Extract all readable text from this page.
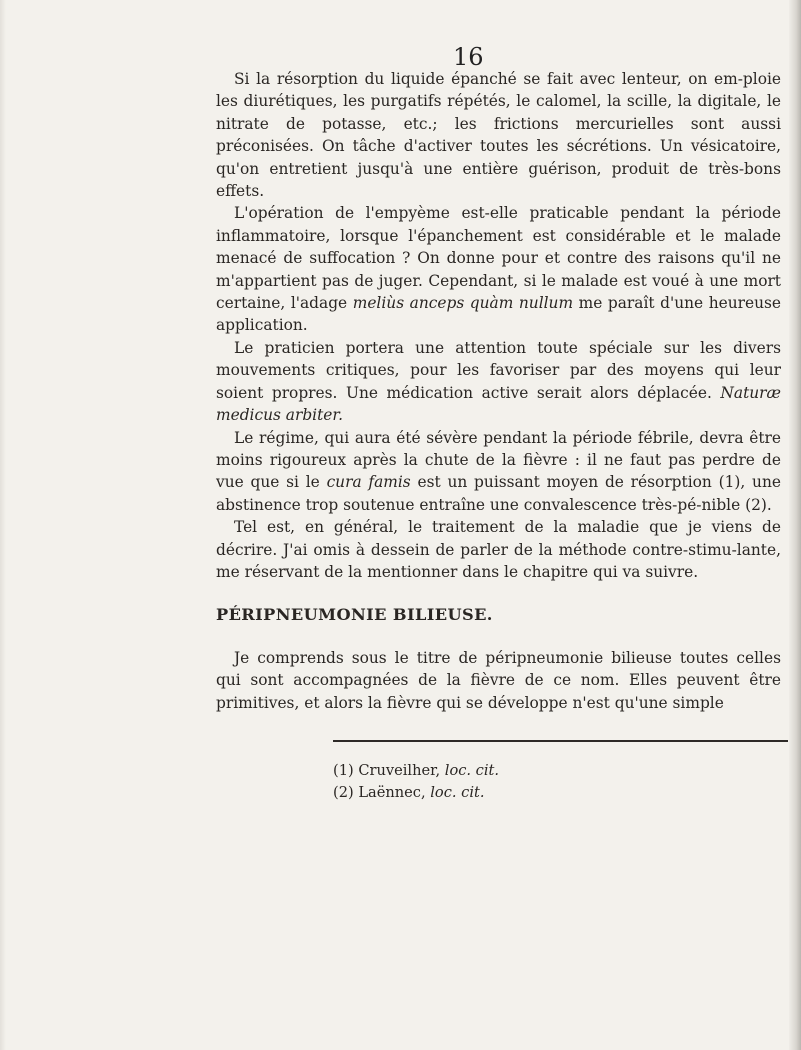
16

Si la résorption du liquide épanché se fait avec lenteur, on em-ploie les diurétiques, les purgatifs répétés, le calomel, la scille, la digitale, le nitrate de potasse, etc.; les frictions mercurielles sont aussi préconisées. On tâche d'activer toutes les sécrétions. Un vésicatoire, qu'on entretient jusqu'à une entière guérison, produit de très-bons effets.

L'opération de l'empyème est-elle praticable pendant la période inflammatoire, lorsque l'épanchement est considérable et le malade menacé de suffocation ? On donne pour et contre des raisons qu'il ne m'appartient pas de juger. Cependant, si le malade est voué à une mort certaine, l'adage meliùs anceps quàm nullum me paraît d'une heureuse application.

Le praticien portera une attention toute spéciale sur les divers mouvements critiques, pour les favoriser par des moyens qui leur soient propres. Une médication active serait alors déplacée. Naturæ medicus arbiter.

Le régime, qui aura été sévère pendant la période fébrile, devra être moins rigoureux après la chute de la fièvre : il ne faut pas perdre de vue que si le cura famis est un puissant moyen de résorption (1), une abstinence trop soutenue entraîne une convalescence très-pé-nible (2).

Tel est, en général, le traitement de la maladie que je viens de décrire. J'ai omis à dessein de parler de la méthode contre-stimu-lante, me réservant de la mentionner dans le chapitre qui va suivre.

PÉRIPNEUMONIE BILIEUSE.

Je comprends sous le titre de péripneumonie bilieuse toutes celles qui sont accompagnées de la fièvre de ce nom. Elles peuvent être primitives, et alors la fièvre qui se développe n'est qu'une simple

(1) Cruveilher, loc. cit.
(2) Laënnec, loc. cit.
